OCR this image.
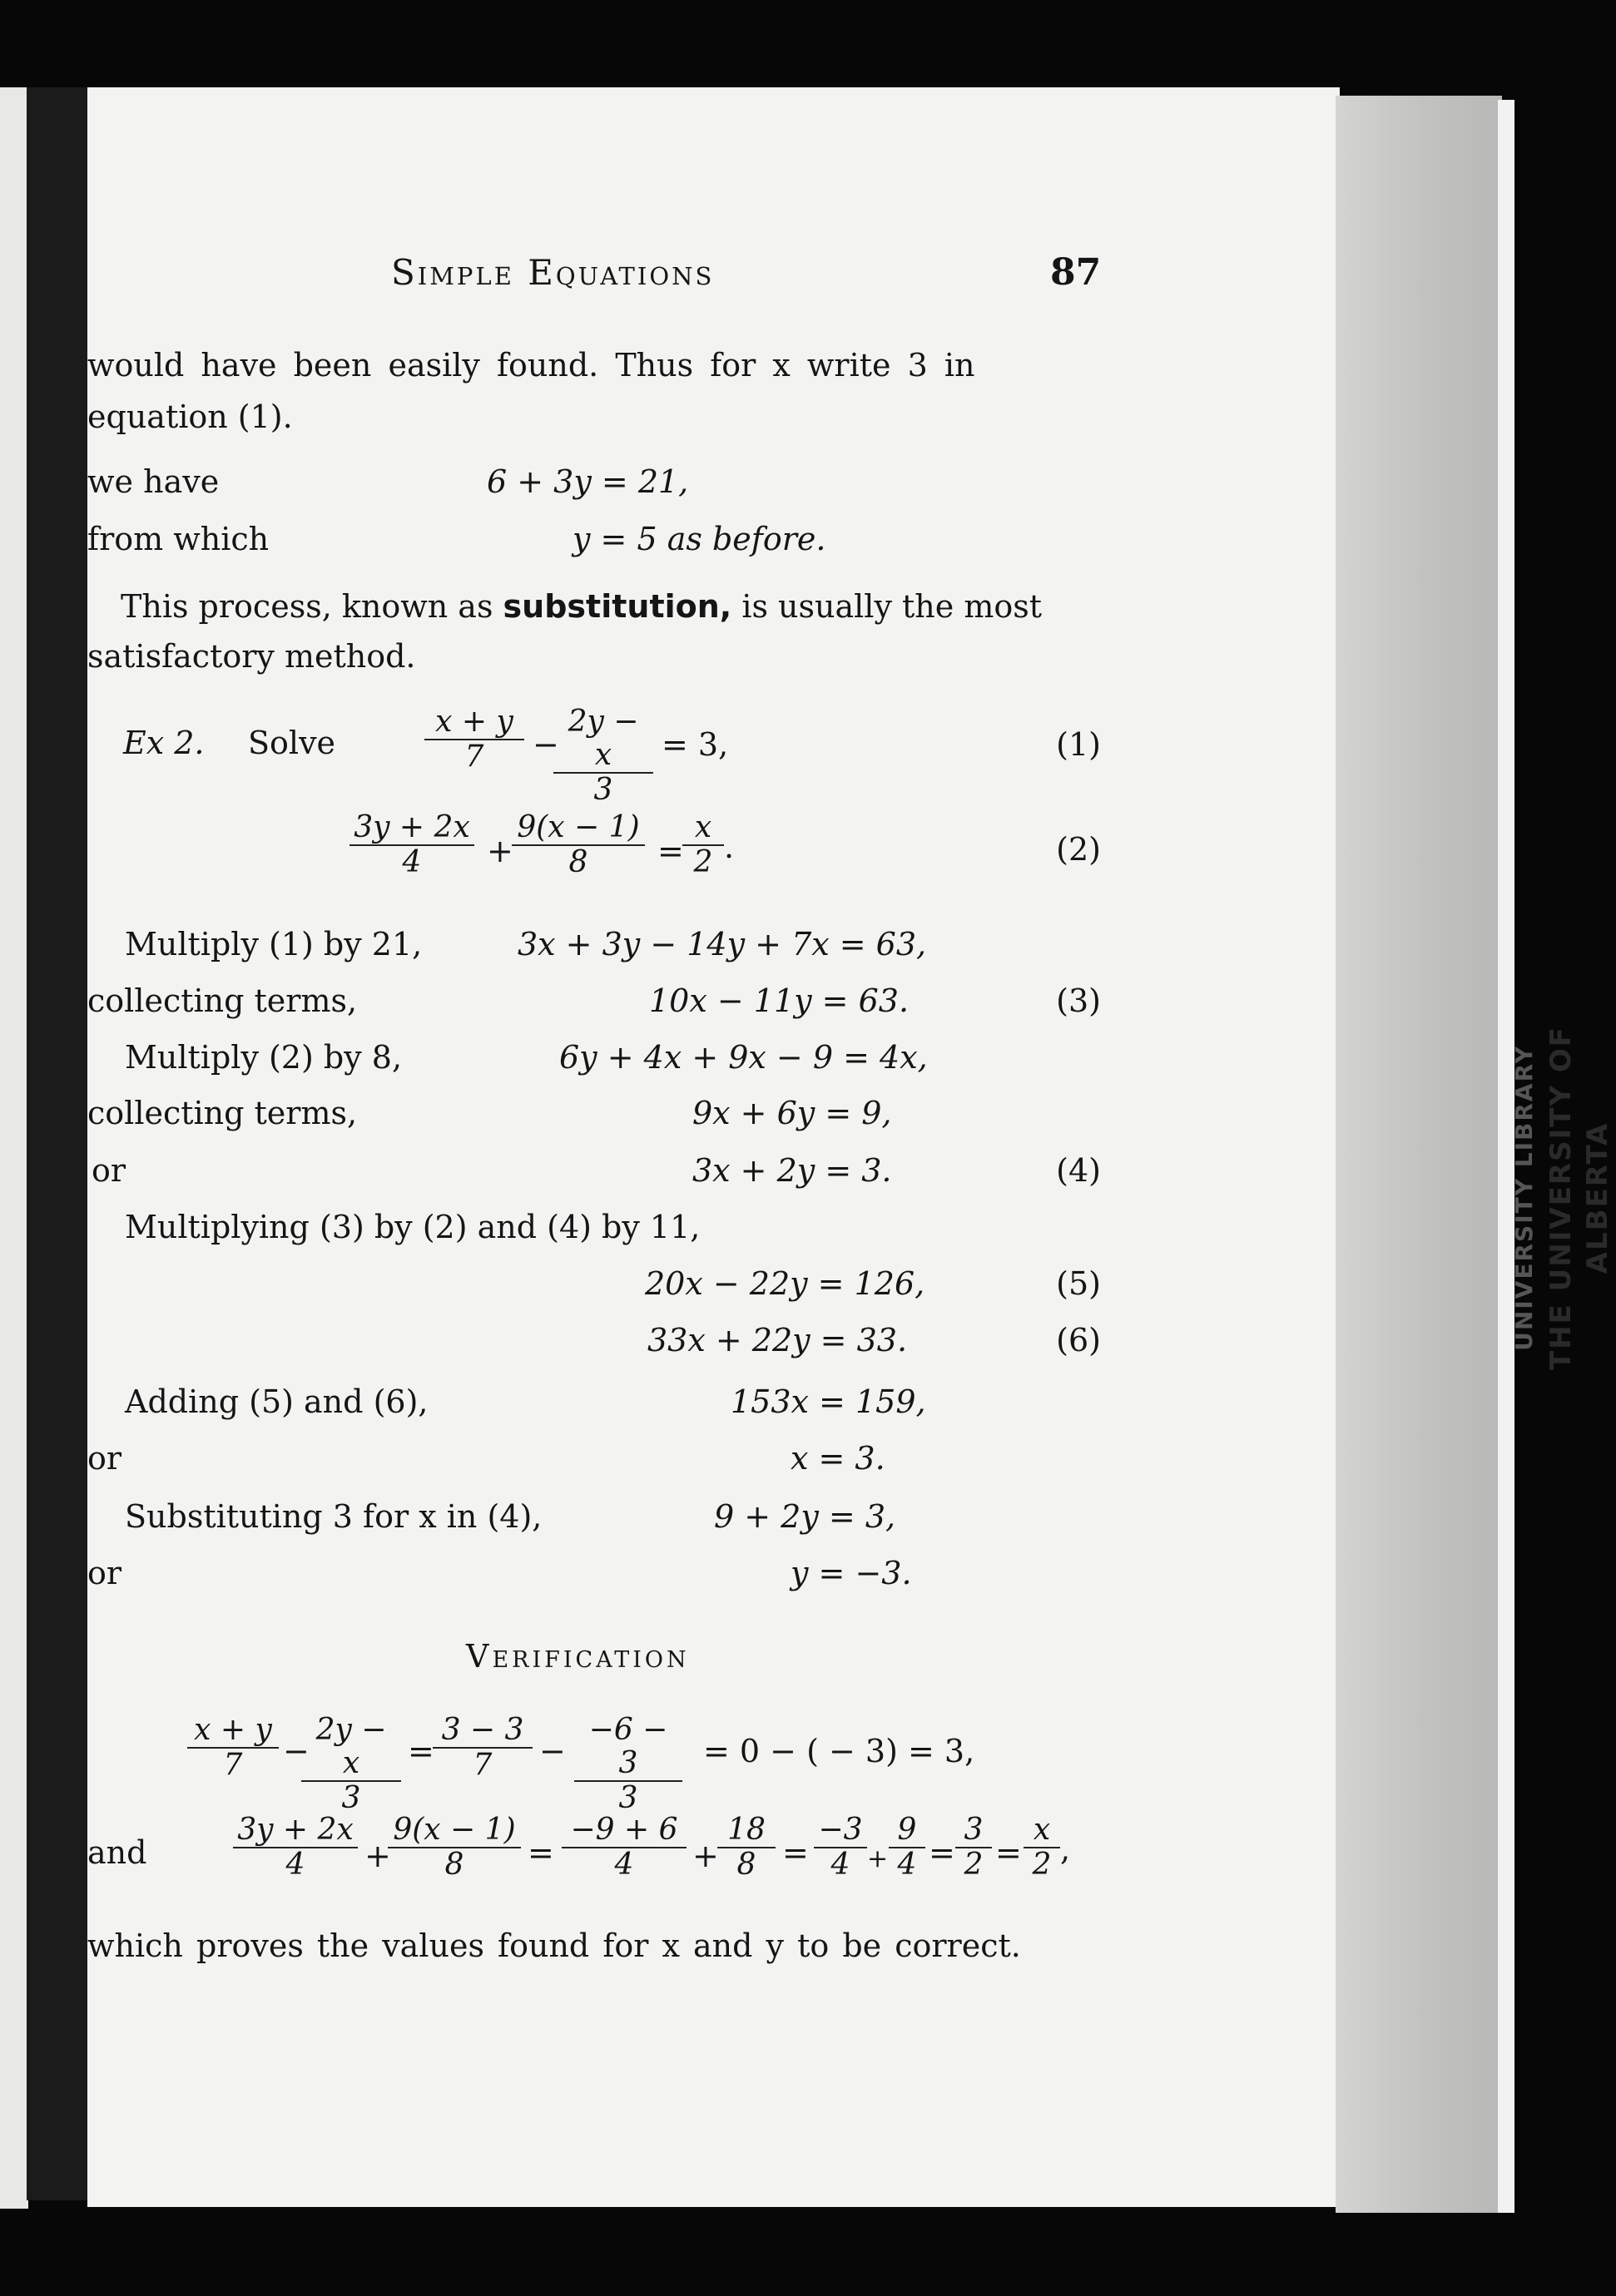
Simple Equations	87
would have been easily found. Thus for x write 3 in
equation (1).
we have	6 + 3y = 21,
from which	y = 5 as before.
This process, known as substitution, is usually the most
satisfactory method.
Ex 2. Solve	$\frac{x + y}{7}$ −
$\frac{2y - x}{3} = 3$,	(1)
$\frac{3y + 2x}{4}$ +
$\frac{9(x - 1)}{8}$ =
$\frac{x}{2}$ .	(2)
Multiply (1) by 21,	3x + 3y − 14y + 7x = 63,
collecting terms,	10x − 11y = 63.	(3)
Multiply (2) by 8,	6y + 4x + 9x − 9 = 4x,
collecting terms,	9x + 6y = 9,
or	3x + 2y = 3.	(4)
Multiplying (3) by (2) and (4) by 11,
20x − 22y = 126,	(5)
33x + 22y = 33.	(6)
Adding (5) and (6),	153x = 159,
or	x = 3.
Substituting 3 for x in (4),	9 + 2y = 3,
or	y = −3.
Verification
$\frac{x + y}{7}$ −
$\frac{2y - x}{3}$ =
$\frac{3 - 3}{7} - \frac{-6 - 3}{3} = 0$ − ( − 3) = 3,
and	$\frac{3y + 2x}{4}$ +
$\frac{9(x - 1)}{8} = \frac{-9 + 6}{4}$ +
$\frac{18}{8} = \frac{-3}{4} + \frac{9}{4} = \frac{3}{2} = \frac{x}{2}$ ,
which proves the values found for x and y to be correct.
UNIVERSITY LIBRARY THE UNIVERSITY OF ALBERTA
